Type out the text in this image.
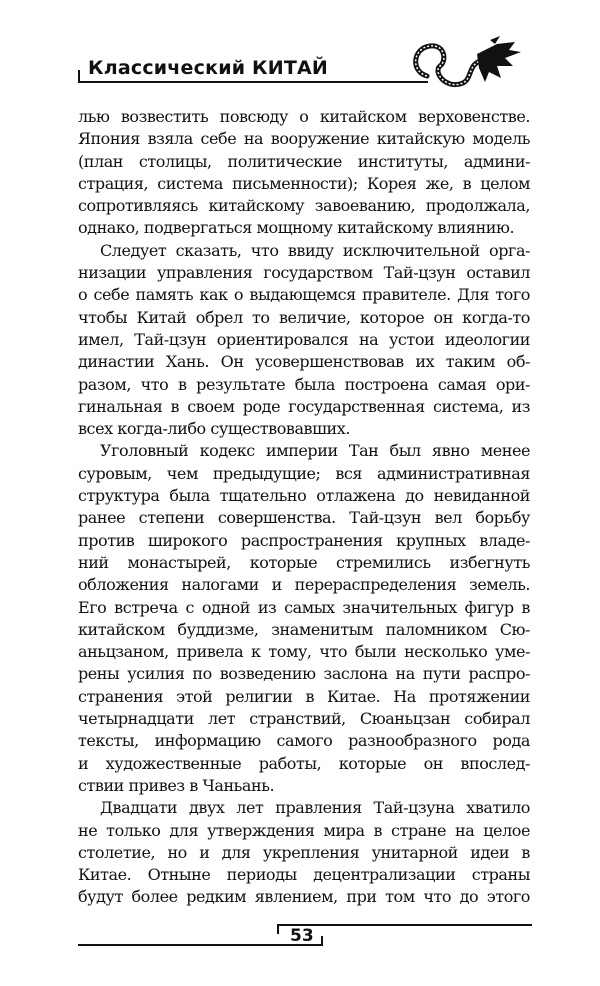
Классический КИТАЙ
лью возвестить повсюду о китайском верховенстве.
Япония взяла себе на вооружение китайскую модель
(план столицы, политические институты, админи-
страция, система письменности); Корея же, в целом
сопротивляясь китайскому завоеванию, продолжала,
однако, подвергаться мощному китайскому влиянию.
Следует сказать, что ввиду исключительной орга-
низации управления государством Тай-цзун оставил
о себе память как о выдающемся правителе. Для того
чтобы Китай обрел то величие, которое он когда-то
имел, Тай-цзун ориентировался на устои идеологии
династии Хань. Он усовершенствовав их таким об-
разом, что в результате была построена самая ори-
гинальная в своем роде государственная система, из
всех когда-либо существовавших.
Уголовный кодекс империи Тан был явно менее
суровым, чем предыдущие; вся административная
структура была тщательно отлажена до невиданной
ранее степени совершенства. Тай-цзун вел борьбу
против широкого распространения крупных владе-
ний монастырей, которые стремились избегнуть
обложения налогами и перераспределения земель.
Его встреча с одной из самых значительных фигур в
китайском буддизме, знаменитым паломником Сю-
аньцзаном, привела к тому, что были несколько уме-
рены усилия по возведению заслона на пути распро-
странения этой религии в Китае. На протяжении
четырнадцати лет странствий, Сюаньцзан собирал
тексты, информацию самого разнообразного рода
и художественные работы, которые он впослед-
ствии привез в Чаньань.
Двадцати двух лет правления Тай-цзуна хватило
не только для утверждения мира в стране на целое
столетие, но и для укрепления унитарной идеи в
Китае. Отныне периоды децентрализации страны
будут более редким явлением, при том что до этого
53
